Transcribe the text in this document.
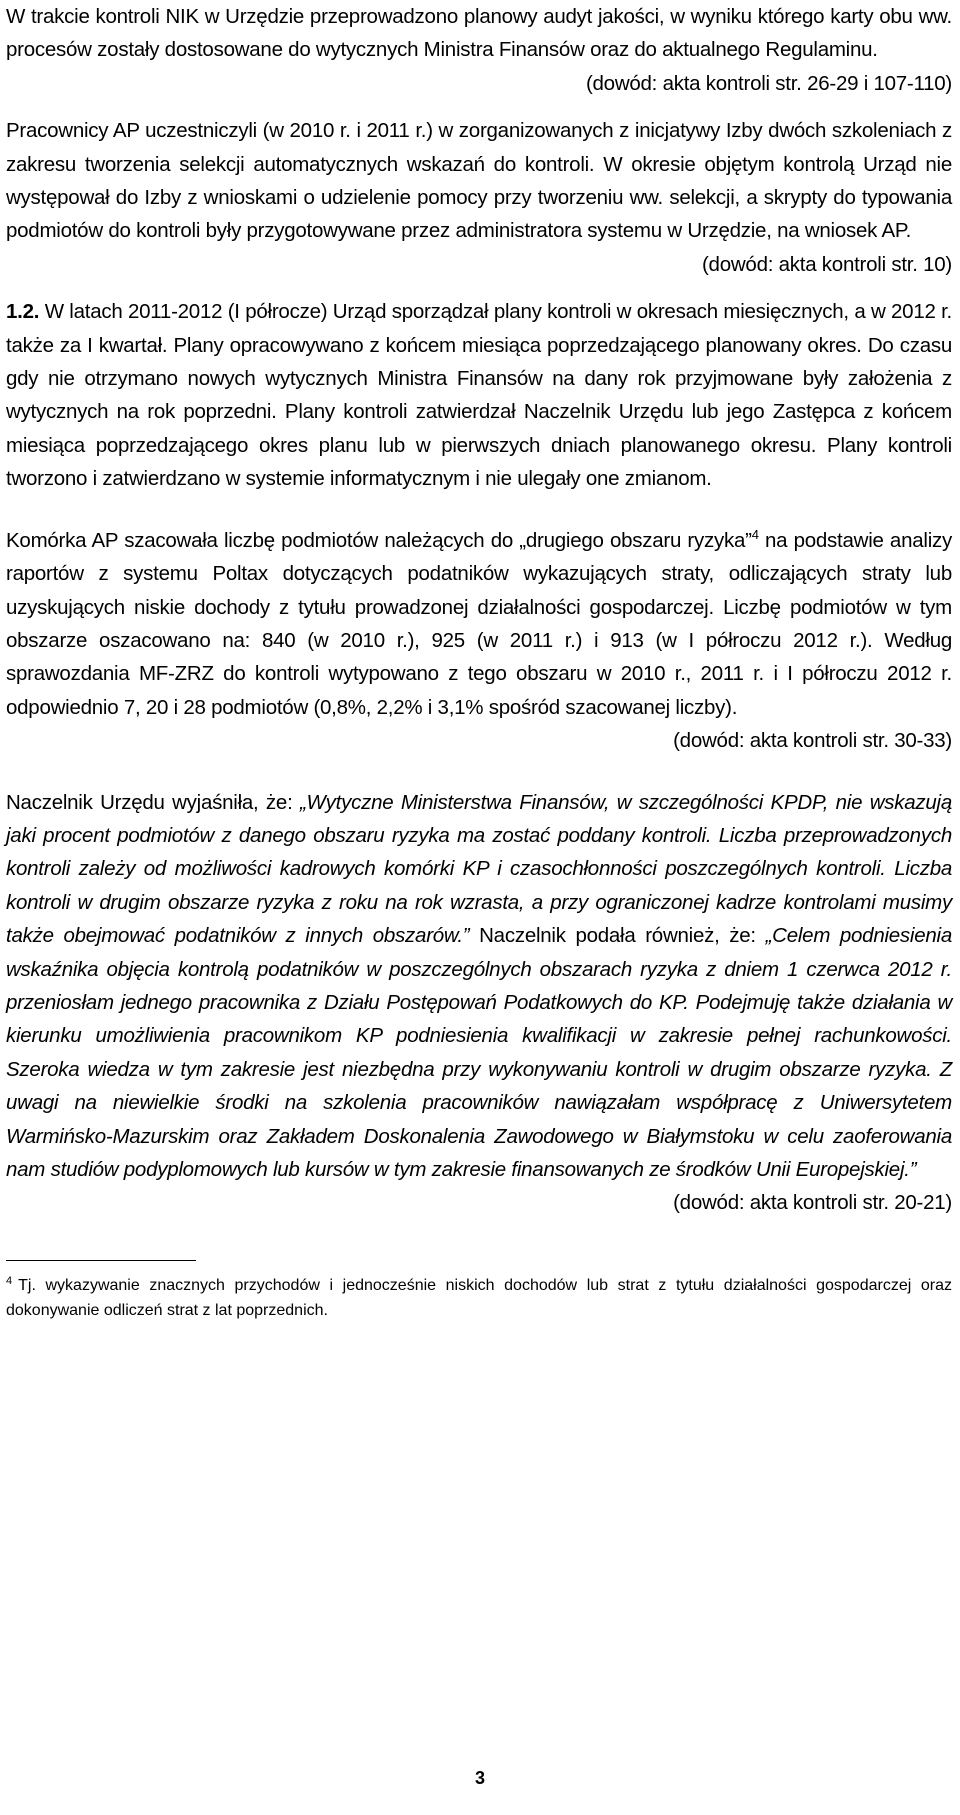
W trakcie kontroli NIK w Urzędzie przeprowadzono planowy audyt jakości, w wyniku którego karty obu ww. procesów zostały dostosowane do wytycznych Ministra Finansów oraz do aktualnego Regulaminu.

(dowód: akta kontroli str. 26-29 i 107-110)

Pracownicy AP uczestniczyli (w 2010 r. i 2011 r.) w zorganizowanych z inicjatywy Izby dwóch szkoleniach z zakresu tworzenia selekcji automatycznych wskazań do kontroli. W okresie objętym kontrolą Urząd nie występował do Izby z wnioskami o udzielenie pomocy przy tworzeniu ww. selekcji, a skrypty do typowania podmiotów do kontroli były przygotowywane przez administratora systemu w Urzędzie, na wniosek AP.

(dowód: akta kontroli str. 10)

1.2. W latach 2011-2012 (I półrocze) Urząd sporządzał plany kontroli w okresach miesięcznych, a w 2012 r. także za I kwartał. Plany opracowywano z końcem miesiąca poprzedzającego planowany okres. Do czasu gdy nie otrzymano nowych wytycznych Ministra Finansów na dany rok przyjmowane były założenia z wytycznych na rok poprzedni. Plany kontroli zatwierdzał Naczelnik Urzędu lub jego Zastępca z końcem miesiąca poprzedzającego okres planu lub w pierwszych dniach planowanego okresu. Plany kontroli tworzono i zatwierdzano w systemie informatycznym i nie ulegały one zmianom.

Komórka AP szacowała liczbę podmiotów należących do „drugiego obszaru ryzyka”$^4$ na podstawie analizy raportów z systemu Poltax dotyczących podatników wykazujących straty, odliczających straty lub uzyskujących niskie dochody z tytułu prowadzonej działalności gospodarczej. Liczbę podmiotów w tym obszarze oszacowano na: 840 (w 2010 r.), 925 (w 2011 r.) i 913 (w I półroczu 2012 r.). Według sprawozdania MF-ZRZ do kontroli wytypowano z tego obszaru w 2010 r., 2011 r. i I półroczu 2012 r. odpowiednio 7, 20 i 28 podmiotów (0,8%, 2,2% i 3,1% spośród szacowanej liczby).

(dowód: akta kontroli str. 30-33)

Naczelnik Urzędu wyjaśniła, że: „Wytyczne Ministerstwa Finansów, w szczególności KPDP, nie wskazują jaki procent podmiotów z danego obszaru ryzyka ma zostać poddany kontroli. Liczba przeprowadzonych kontroli zależy od możliwości kadrowych komórki KP i czasochłonności poszczególnych kontroli. Liczba kontroli w drugim obszarze ryzyka z roku na rok wzrasta, a przy ograniczonej kadrze kontrolami musimy także obejmować podatników z innych obszarów.” Naczelnik podała również, że: „Celem podniesienia wskaźnika objęcia kontrolą podatników w poszczególnych obszarach ryzyka z dniem 1 czerwca 2012 r. przeniosłam jednego pracownika z Działu Postępowań Podatkowych do KP. Podejmuję także działania w kierunku umożliwienia pracownikom KP podniesienia kwalifikacji w zakresie pełnej rachunkowości. Szeroka wiedza w tym zakresie jest niezbędna przy wykonywaniu kontroli w drugim obszarze ryzyka. Z uwagi na niewielkie środki na szkolenia pracowników nawiązałam współpracę z Uniwersytetem Warmińsko-Mazurskim oraz Zakładem Doskonalenia Zawodowego w Białymstoku w celu zaoferowania nam studiów podyplomowych lub kursów w tym zakresie finansowanych ze środków Unii Europejskiej.”

(dowód: akta kontroli str. 20-21)

$^4$ Tj. wykazywanie znacznych przychodów i jednocześnie niskich dochodów lub strat z tytułu działalności gospodarczej oraz dokonywanie odliczeń strat z lat poprzednich.

3
